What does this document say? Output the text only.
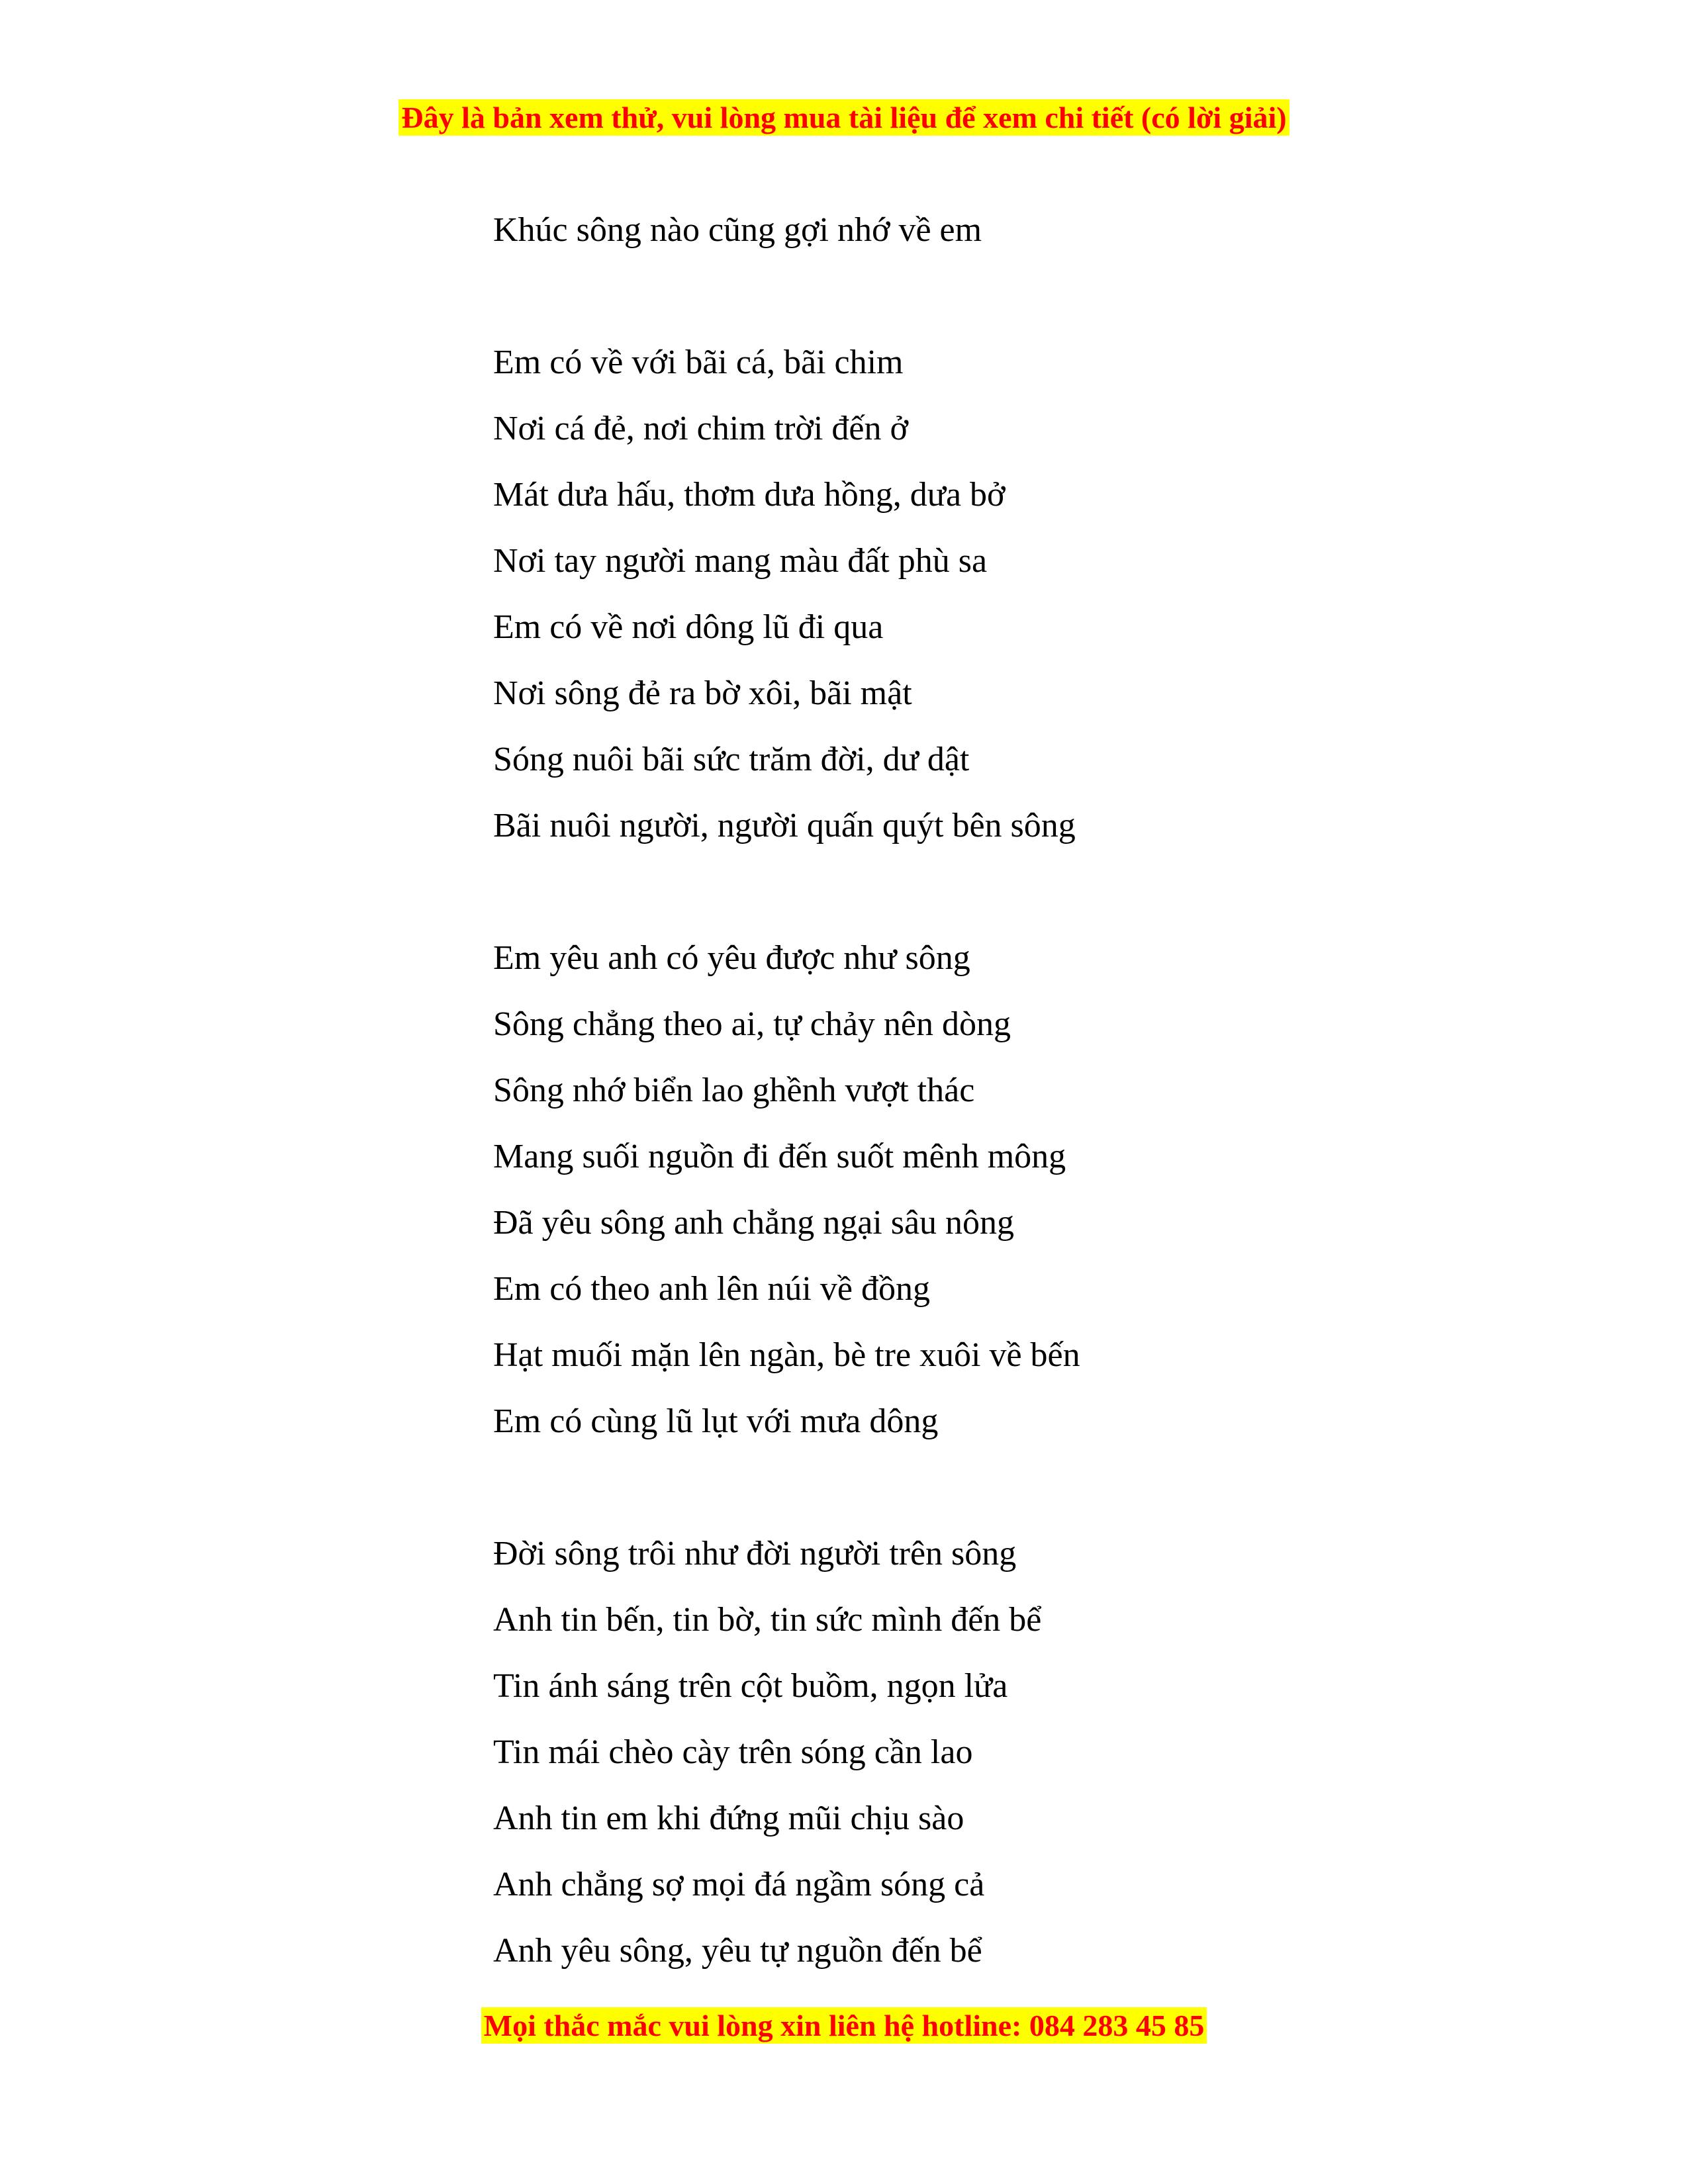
Đây là bản xem thử, vui lòng mua tài liệu để xem chi tiết (có lời giải)
Khúc sông nào cũng gợi nhớ về em
Em có về với bãi cá, bãi chim
Nơi cá đẻ, nơi chim trời đến ở
Mát dưa hấu, thơm dưa hồng, dưa bở
Nơi tay người mang màu đất phù sa
Em có về nơi dông lũ đi qua
Nơi sông đẻ ra bờ xôi, bãi mật
Sóng nuôi bãi sức trăm đời, dư dật
Bãi nuôi người, người quấn quýt bên sông
Em yêu anh có yêu được như sông
Sông chẳng theo ai, tự chảy nên dòng
Sông nhớ biển lao ghềnh vượt thác
Mang suối nguồn đi đến suốt mênh mông
Đã yêu sông anh chẳng ngại sâu nông
Em có theo anh lên núi về đồng
Hạt muối mặn lên ngàn, bè tre xuôi về bến
Em có cùng lũ lụt với mưa dông
Đời sông trôi như đời người trên sông
Anh tin bến, tin bờ, tin sức mình đến bể
Tin ánh sáng trên cột buồm, ngọn lửa
Tin mái chèo cày trên sóng cần lao
Anh tin em khi đứng mũi chịu sào
Anh chẳng sợ mọi đá ngầm sóng cả
Anh yêu sông, yêu tự nguồn đến bể
Mọi thắc mắc vui lòng xin liên hệ hotline: 084 283 45 85
